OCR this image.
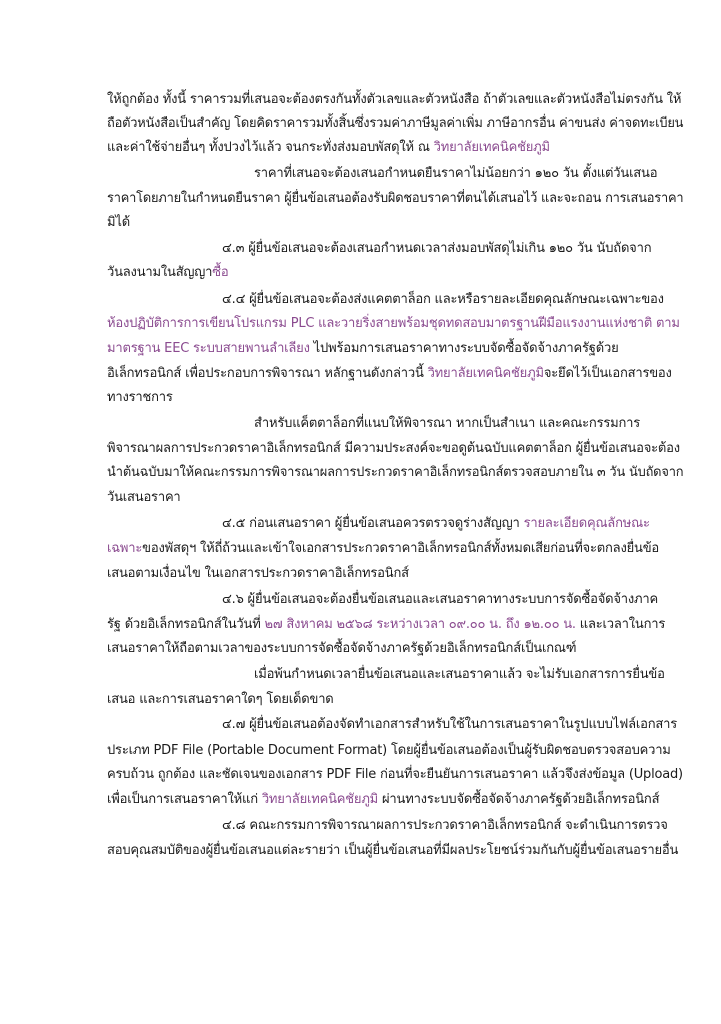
ให้ถูกต้อง ทั้งนี้ ราคารวมที่เสนอจะต้องตรงกันทั้งตัวเลขและตัวหนังสือ ถ้าตัวเลขและตัวหนังสือไม่ตรงกัน ให้
ถือตัวหนังสือเป็นสำคัญ โดยคิดราคารวมทั้งสิ้นซึ่งรวมค่าภาษีมูลค่าเพิ่ม ภาษีอากรอื่น ค่าขนส่ง ค่าจดทะเบียน
และค่าใช้จ่ายอื่นๆ ทั้งปวงไว้แล้ว จนกระทั่งส่งมอบพัสดุให้ ณ วิทยาลัยเทคนิคชัยภูมิ
ราคาที่เสนอจะต้องเสนอกำหนดยืนราคาไม่น้อยกว่า ๑๒๐ วัน ตั้งแต่วันเสนอ
ราคาโดยภายในกำหนดยืนราคา ผู้ยื่นข้อเสนอต้องรับผิดชอบราคาที่ตนได้เสนอไว้ และจะถอน การเสนอราคา
มิได้
๔.๓ ผู้ยื่นข้อเสนอจะต้องเสนอกำหนดเวลาส่งมอบพัสดุไม่เกิน ๑๒๐ วัน นับถัดจาก
วันลงนามในสัญญาซื้อ
๔.๔ ผู้ยื่นข้อเสนอจะต้องส่งแคตตาล็อก และหรือรายละเอียดคุณลักษณะเฉพาะของ
ห้องปฏิบัติการการเขียนโปรแกรม PLC และวายริ่งสายพร้อมชุดทดสอบมาตรฐานฝีมือแรงงานแห่งชาติ ตาม
มาตรฐาน EEC ระบบสายพานลำเลียง ไปพร้อมการเสนอราคาทางระบบจัดซื้อจัดจ้างภาครัฐด้วย
อิเล็กทรอนิกส์ เพื่อประกอบการพิจารณา หลักฐานดังกล่าวนี้ วิทยาลัยเทคนิคชัยภูมิจะยึดไว้เป็นเอกสารของ
ทางราชการ
สำหรับแค็ตตาล็อกที่แนบให้พิจารณา หากเป็นสำเนา และคณะกรรมการ
พิจารณาผลการประกวดราคาอิเล็กทรอนิกส์ มีความประสงค์จะขอดูต้นฉบับแคตตาล็อก ผู้ยื่นข้อเสนอจะต้อง
นำต้นฉบับมาให้คณะกรรมการพิจารณาผลการประกวดราคาอิเล็กทรอนิกส์ตรวจสอบภายใน ๓ วัน นับถัดจาก
วันเสนอราคา
๔.๕ ก่อนเสนอราคา ผู้ยื่นข้อเสนอควรตรวจดูร่างสัญญา รายละเอียดคุณลักษณะ
เฉพาะของพัสดุฯ ให้ถี่ถ้วนและเข้าใจเอกสารประกวดราคาอิเล็กทรอนิกส์ทั้งหมดเสียก่อนที่จะตกลงยื่นข้อ
เสนอตามเงื่อนไข ในเอกสารประกวดราคาอิเล็กทรอนิกส์
๔.๖ ผู้ยื่นข้อเสนอจะต้องยื่นข้อเสนอและเสนอราคาทางระบบการจัดซื้อจัดจ้างภาค
รัฐ ด้วยอิเล็กทรอนิกส์ในวันที่ ๒๗ สิงหาคม ๒๕๖๘ ระหว่างเวลา ๐๙.๐๐ น. ถึง ๑๒.๐๐ น. และเวลาในการ
เสนอราคาให้ถือตามเวลาของระบบการจัดซื้อจัดจ้างภาครัฐด้วยอิเล็กทรอนิกส์เป็นเกณฑ์
เมื่อพ้นกำหนดเวลายื่นข้อเสนอและเสนอราคาแล้ว จะไม่รับเอกสารการยื่นข้อ
เสนอ และการเสนอราคาใดๆ โดยเด็ดขาด
๔.๗ ผู้ยื่นข้อเสนอต้องจัดทำเอกสารสำหรับใช้ในการเสนอราคาในรูปแบบไฟล์เอกสาร
ประเภท PDF File (Portable Document Format) โดยผู้ยื่นข้อเสนอต้องเป็นผู้รับผิดชอบตรวจสอบความ
ครบถ้วน ถูกต้อง และชัดเจนของเอกสาร PDF File ก่อนที่จะยืนยันการเสนอราคา แล้วจึงส่งข้อมูล (Upload)
เพื่อเป็นการเสนอราคาให้แก่ วิทยาลัยเทคนิคชัยภูมิ ผ่านทางระบบจัดซื้อจัดจ้างภาครัฐด้วยอิเล็กทรอนิกส์
๔.๘ คณะกรรมการพิจารณาผลการประกวดราคาอิเล็กทรอนิกส์ จะดำเนินการตรวจ
สอบคุณสมบัติของผู้ยื่นข้อเสนอแต่ละรายว่า เป็นผู้ยื่นข้อเสนอที่มีผลประโยชน์ร่วมกันกับผู้ยื่นข้อเสนอรายอื่น
